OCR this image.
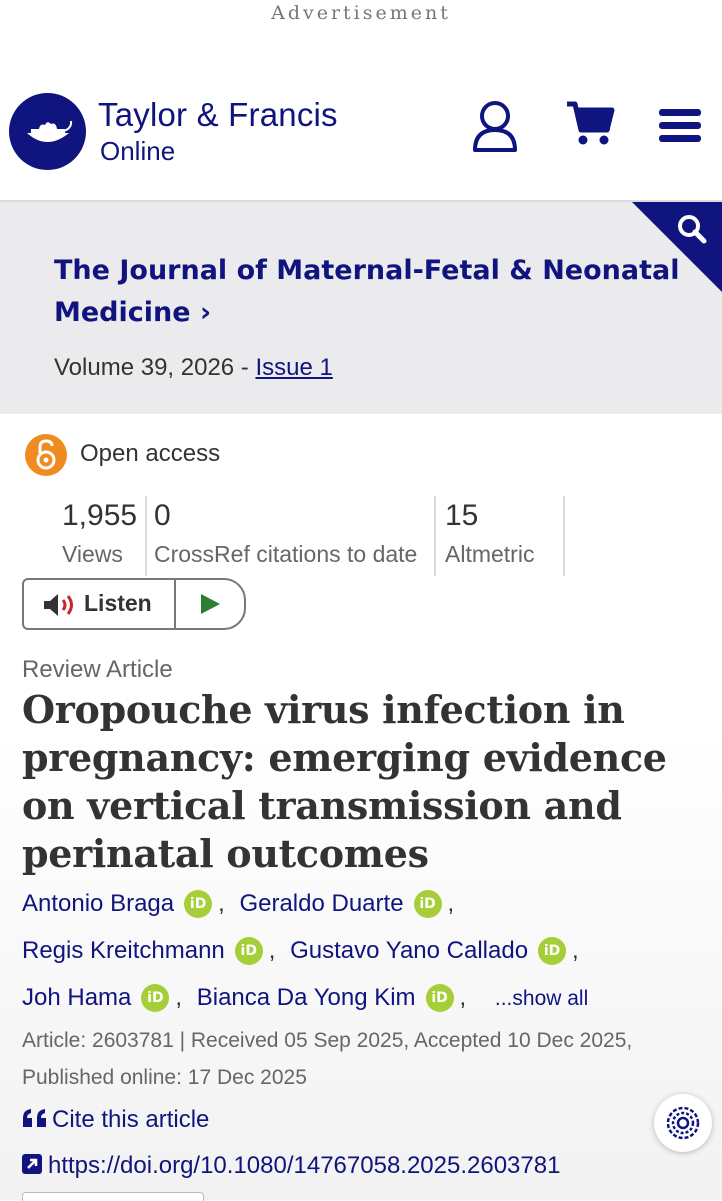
Advertisement
Taylor & Francis
Online
The Journal of Maternal-Fetal & Neonatal Medicine ›
Volume 39, 2026 - Issue 1
Open access
1,955
Views
0
CrossRef citations to date
15
Altmetric
Listen
Review Article
Oropouche virus infection in pregnancy: emerging evidence on vertical transmission and perinatal outcomes
Antonio Braga iD , Geraldo Duarte iD ,
Regis Kreitchmann iD , Gustavo Yano Callado iD ,
Joh Hama iD , Bianca Da Yong Kim iD , ...show all
Article: 2603781 | Received 05 Sep 2025, Accepted 10 Dec 2025,
Published online: 17 Dec 2025
Cite this article
https://doi.org/10.1080/14767058.2025.2603781
